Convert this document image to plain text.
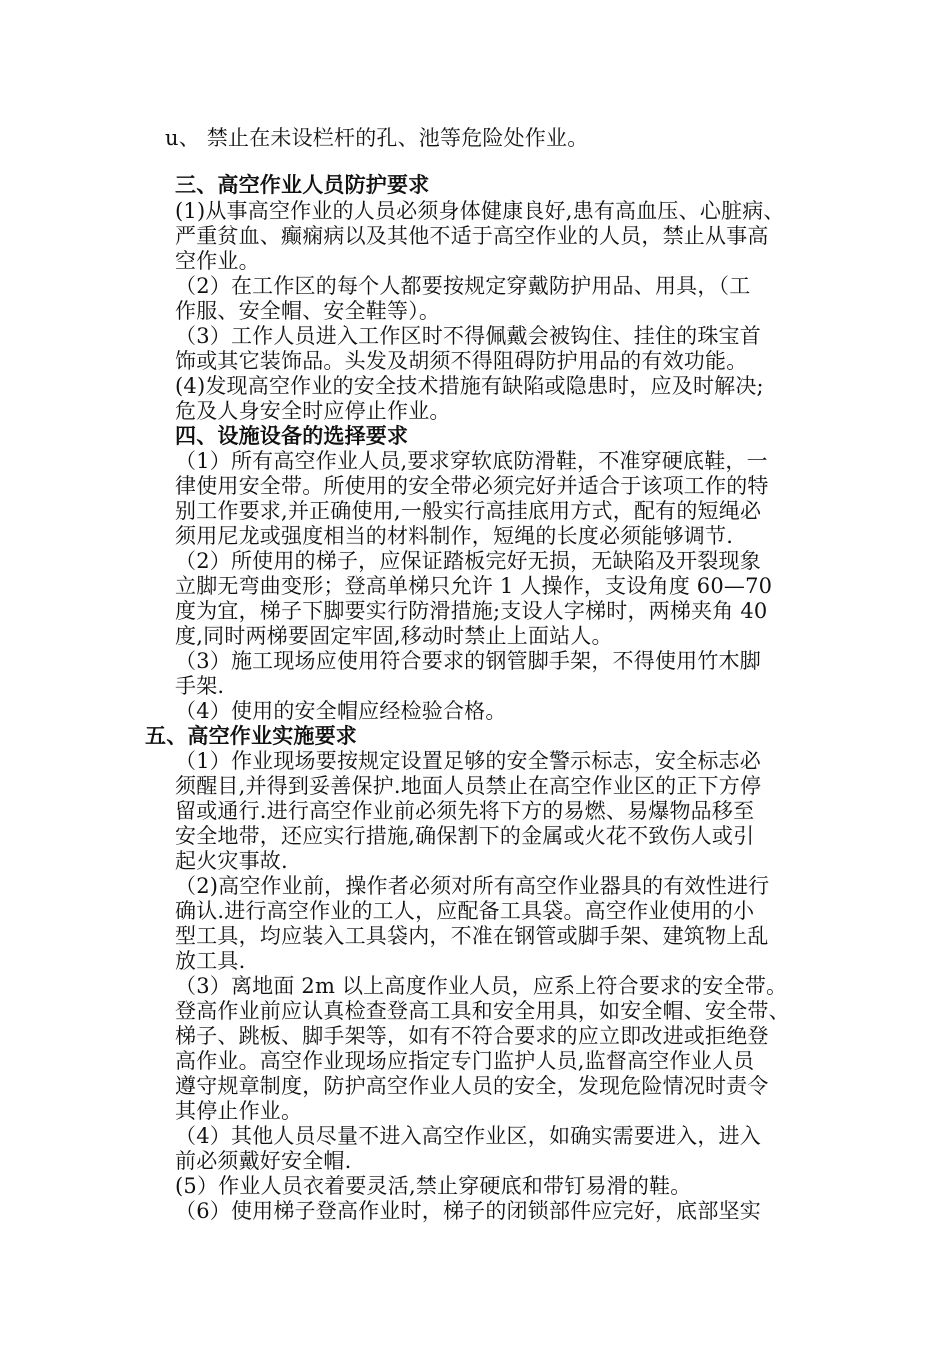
u、 禁止在未设栏杆的孔、池等危险处作业。
三、高空作业人员防护要求
(1)从事高空作业的人员必须身体健康良好,患有高血压、心脏病、
严重贫血、癫痫病以及其他不适于高空作业的人员，禁止从事高
空作业。
（2）在工作区的每个人都要按规定穿戴防护用品、用具，（工
作服、安全帽、安全鞋等）。
（3）工作人员进入工作区时不得佩戴会被钩住、挂住的珠宝首
饰或其它装饰品。头发及胡须不得阻碍防护用品的有效功能。
(4)发现高空作业的安全技术措施有缺陷或隐患时，应及时解决;
危及人身安全时应停止作业。
四、设施设备的选择要求
（1）所有高空作业人员,要求穿软底防滑鞋，不准穿硬底鞋，一
律使用安全带。所使用的安全带必须完好并适合于该项工作的特
别工作要求,并正确使用,一般实行高挂底用方式，配有的短绳必
须用尼龙或强度相当的材料制作，短绳的长度必须能够调节.
（2）所使用的梯子，应保证踏板完好无损，无缺陷及开裂现象
立脚无弯曲变形；登高单梯只允许 1 人操作，支设角度 60—70
度为宜，梯子下脚要实行防滑措施;支设人字梯时，两梯夹角 40
度,同时两梯要固定牢固,移动时禁止上面站人。
（3）施工现场应使用符合要求的钢管脚手架，不得使用竹木脚
手架.
（4）使用的安全帽应经检验合格。
五、高空作业实施要求
（1）作业现场要按规定设置足够的安全警示标志，安全标志必
须醒目,并得到妥善保护.地面人员禁止在高空作业区的正下方停
留或通行.进行高空作业前必须先将下方的易燃、易爆物品移至
安全地带，还应实行措施,确保割下的金属或火花不致伤人或引
起火灾事故.
（2)高空作业前，操作者必须对所有高空作业器具的有效性进行
确认.进行高空作业的工人，应配备工具袋。高空作业使用的小
型工具，均应装入工具袋内，不准在钢管或脚手架、建筑物上乱
放工具.
（3）离地面 2m 以上高度作业人员，应系上符合要求的安全带。
登高作业前应认真检查登高工具和安全用具，如安全帽、安全带、
梯子、跳板、脚手架等，如有不符合要求的应立即改进或拒绝登
高作业。高空作业现场应指定专门监护人员,监督高空作业人员
遵守规章制度，防护高空作业人员的安全，发现危险情况时责令
其停止作业。
（4）其他人员尽量不进入高空作业区，如确实需要进入，进入
前必须戴好安全帽.
(5）作业人员衣着要灵活,禁止穿硬底和带钉易滑的鞋。
（6）使用梯子登高作业时，梯子的闭锁部件应完好，底部坚实
